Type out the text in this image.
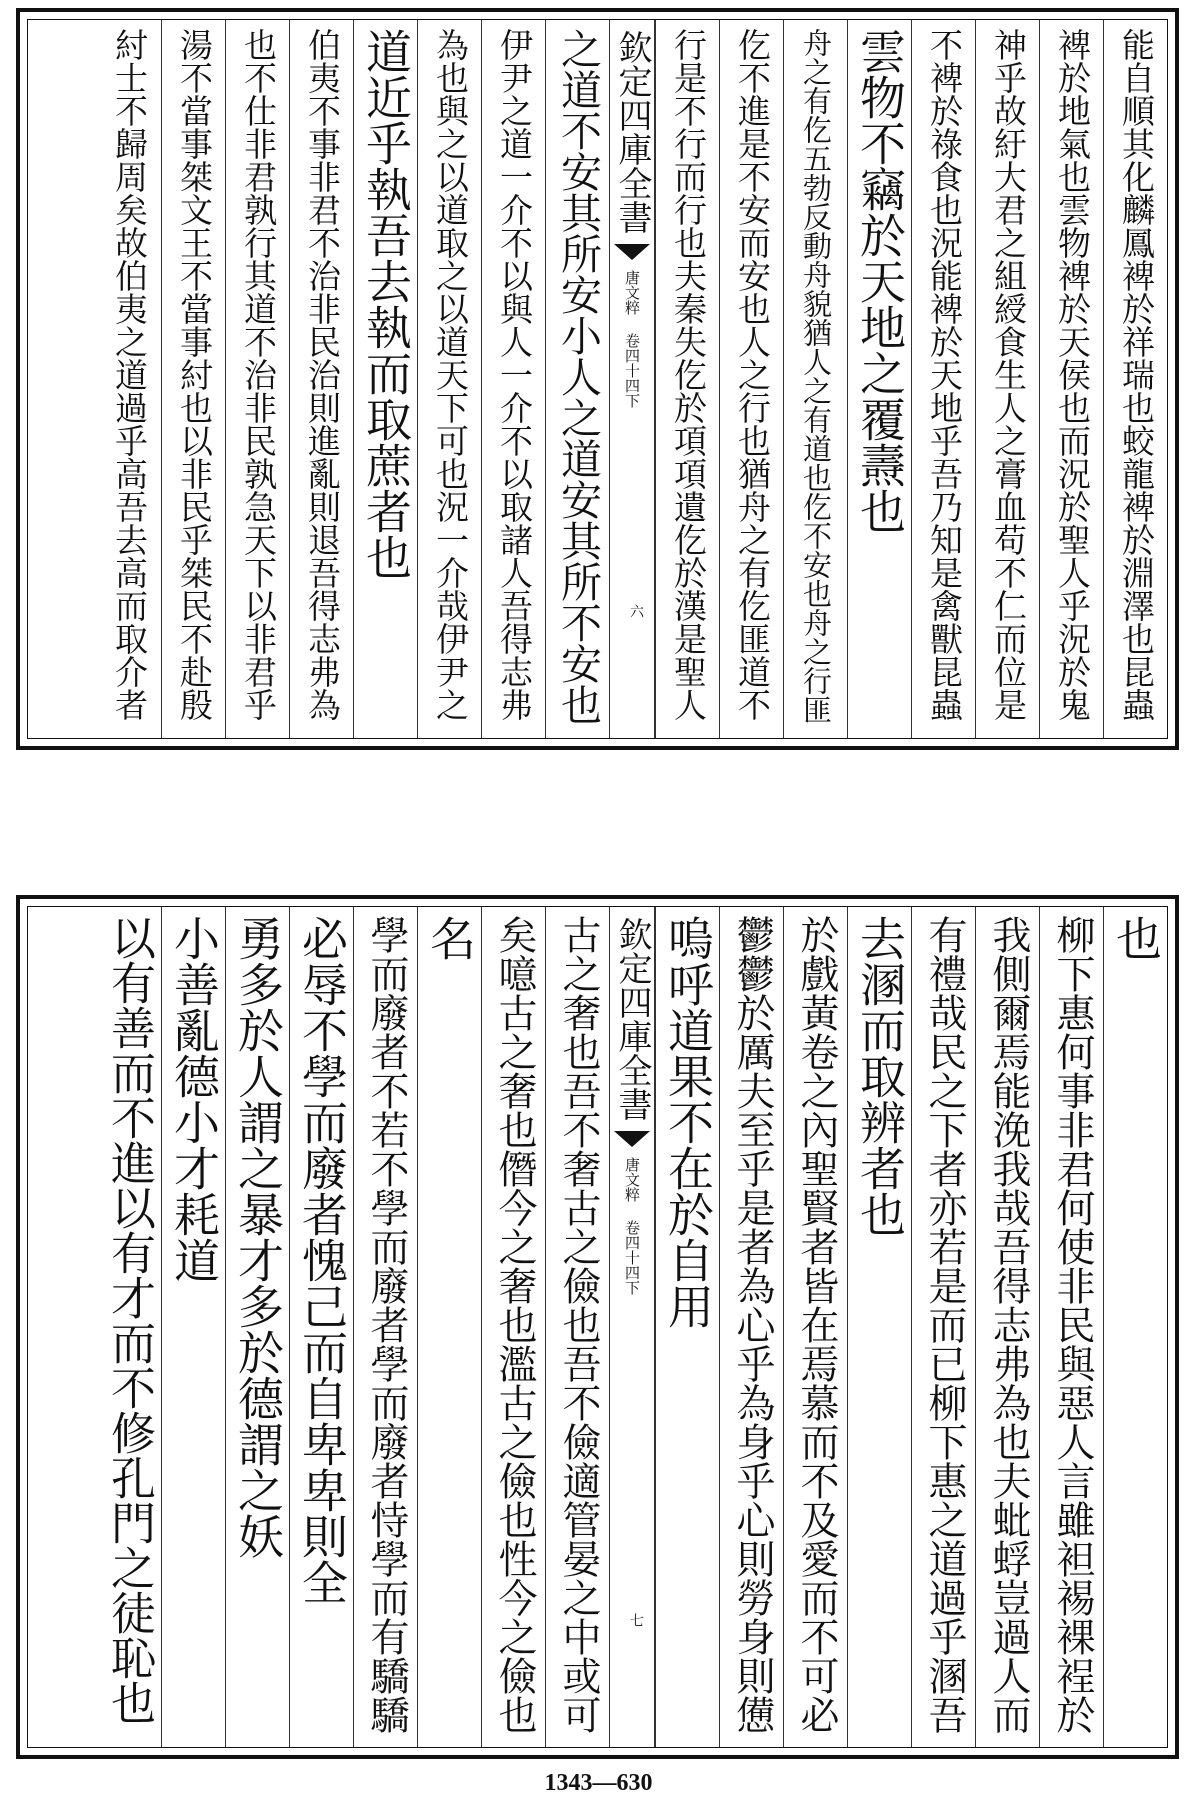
能自順其化麟鳳裨於祥瑞也蛟龍裨於淵澤也昆蟲
裨於地氣也雲物裨於天侯也而況於聖人乎況於鬼
神乎故紆大君之組綬食生人之膏血苟不仁而位是
不裨於祿食也況能裨於天地乎吾乃知是禽獸昆蟲
雲物不竊於天地之覆燾也
舟之有仡五勃反動舟貌猶人之有道也仡不安也舟之行匪
仡不進是不安而安也人之行也猶舟之有仡匪道不
行是不行而行也夫秦失仡於項項遺仡於漢是聖人
欽定四庫全書
唐文粹 卷四十四下
六
之道不安其所安小人之道安其所不安也
伊尹之道一介不以與人一介不以取諸人吾得志弗
為也與之以道取之以道天下可也況一介哉伊尹之
道近乎執吾去執而取蔗者也
伯夷不事非君不治非民治則進亂則退吾得志弗為
也不仕非君孰行其道不治非民孰急天下以非君乎
湯不當事桀文王不當事紂也以非民乎桀民不赴殷
紂士不歸周矣故伯夷之道過乎高吾去高而取介者
也
柳下惠何事非君何使非民與惡人言雖袒裼裸裎於
我側爾焉能浼我哉吾得志弗為也夫蚍蜉豈過人而
有禮哉民之下者亦若是而已柳下惠之道過乎溷吾
去溷而取辨者也
於戲黃卷之內聖賢者皆在焉慕而不及愛而不可必
鬱鬱於厲夫至乎是者為心乎為身乎心則勞身則憊
嗚呼道果不在於自用
欽定四庫全書
唐文粹 卷四十四下
七
古之奢也吾不奢古之儉也吾不儉適管晏之中或可
矣噫古之奢也僭今之奢也濫古之儉也性今之儉也
名
學而廢者不若不學而廢者學而廢者恃學而有驕驕
必辱不學而廢者愧己而自卑卑則全
勇多於人謂之暴才多於德謂之妖
小善亂德小才耗道
以有善而不進以有才而不修孔門之徒恥也
1343—630
